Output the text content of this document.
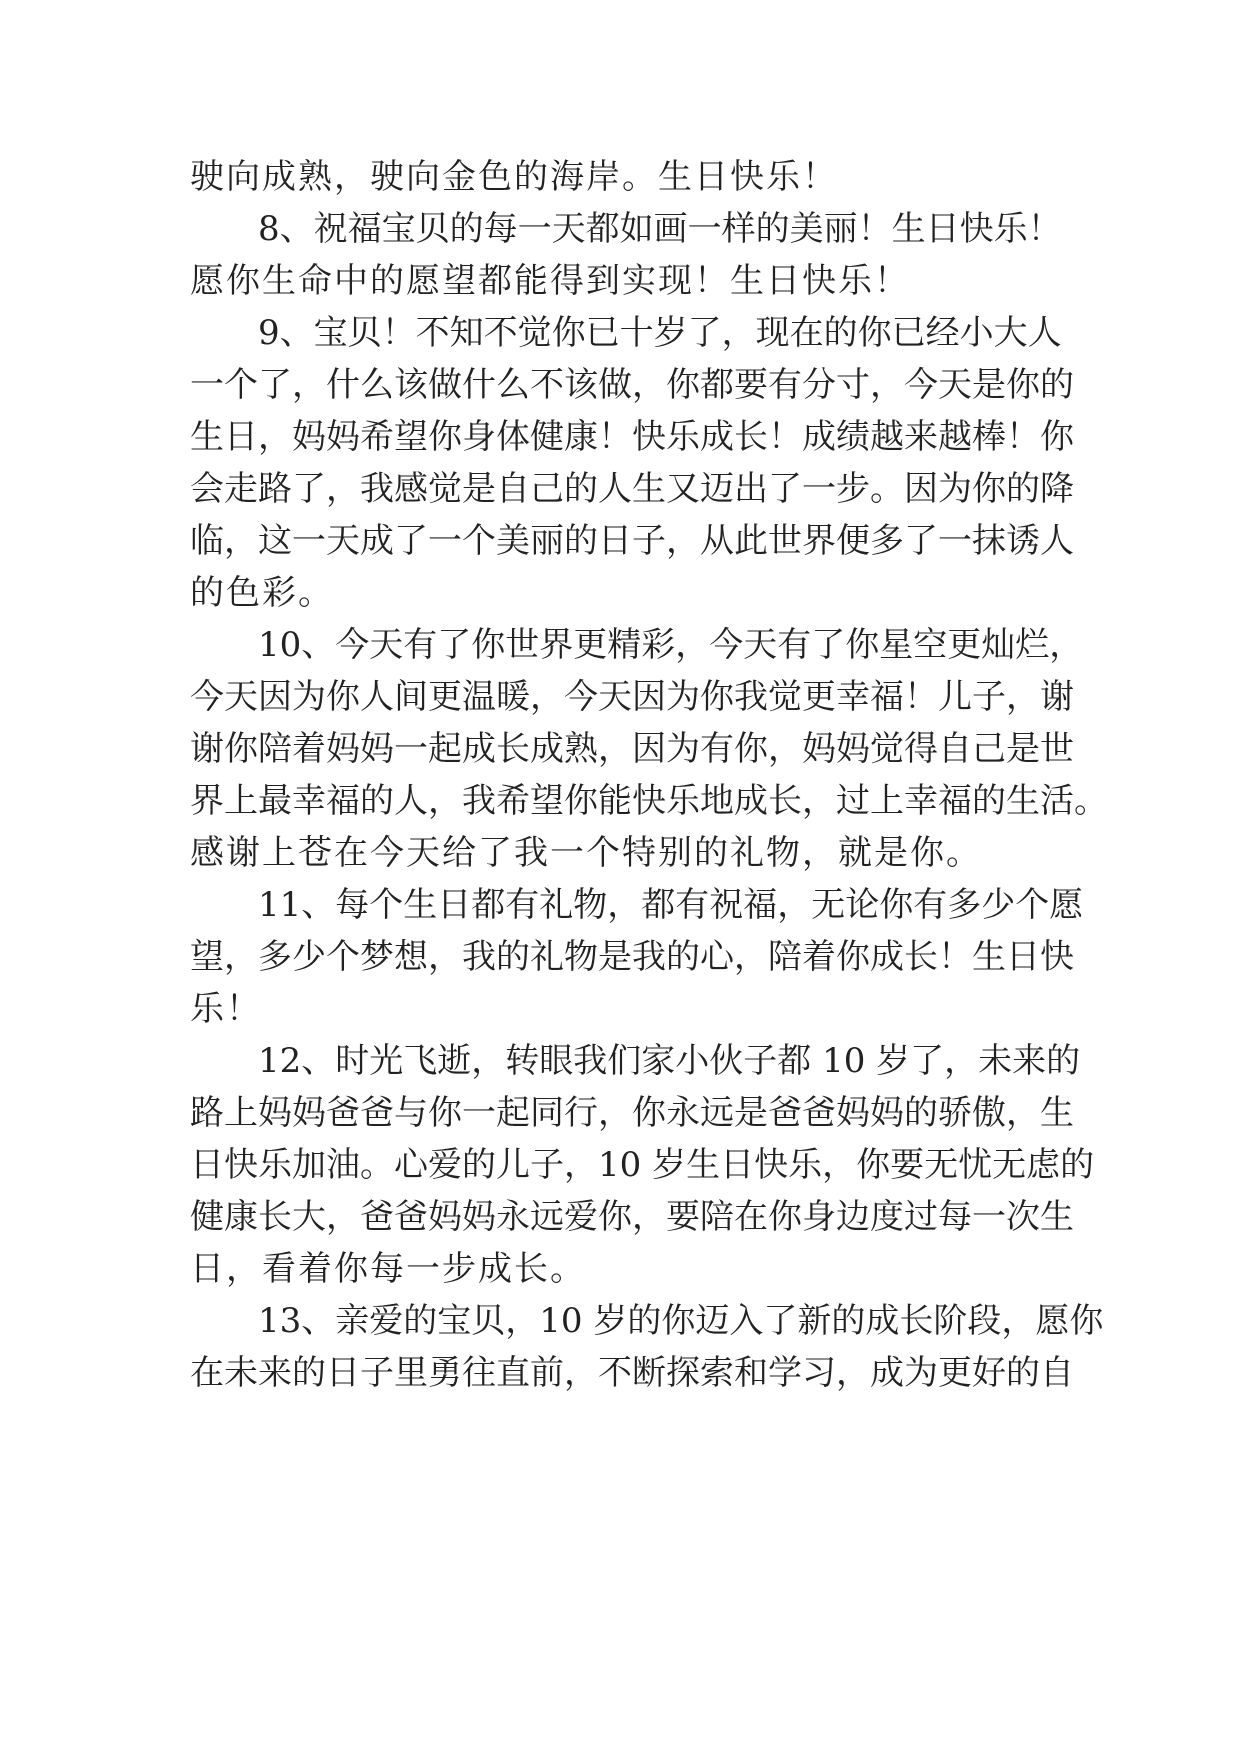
驶向成熟，驶向金色的海岸。生日快乐！
　　8、祝福宝贝的每一天都如画一样的美丽！生日快乐！
愿你生命中的愿望都能得到实现！生日快乐！
　　9、宝贝！不知不觉你已十岁了，现在的你已经小大人
一个了，什么该做什么不该做，你都要有分寸，今天是你的
生日，妈妈希望你身体健康！快乐成长！成绩越来越棒！你
会走路了，我感觉是自己的人生又迈出了一步。因为你的降
临，这一天成了一个美丽的日子，从此世界便多了一抹诱人
的色彩。
　　10、今天有了你世界更精彩，今天有了你星空更灿烂，
今天因为你人间更温暖，今天因为你我觉更幸福！儿子，谢
谢你陪着妈妈一起成长成熟，因为有你，妈妈觉得自己是世
界上最幸福的人，我希望你能快乐地成长，过上幸福的生活。
感谢上苍在今天给了我一个特别的礼物，就是你。
　　11、每个生日都有礼物，都有祝福，无论你有多少个愿
望，多少个梦想，我的礼物是我的心，陪着你成长！生日快
乐！
　　12、时光飞逝，转眼我们家小伙子都 10 岁了，未来的
路上妈妈爸爸与你一起同行，你永远是爸爸妈妈的骄傲，生
日快乐加油。心爱的儿子，10 岁生日快乐，你要无忧无虑的
健康长大，爸爸妈妈永远爱你，要陪在你身边度过每一次生
日，看着你每一步成长。
　　13、亲爱的宝贝，10 岁的你迈入了新的成长阶段，愿你
在未来的日子里勇往直前，不断探索和学习，成为更好的自
